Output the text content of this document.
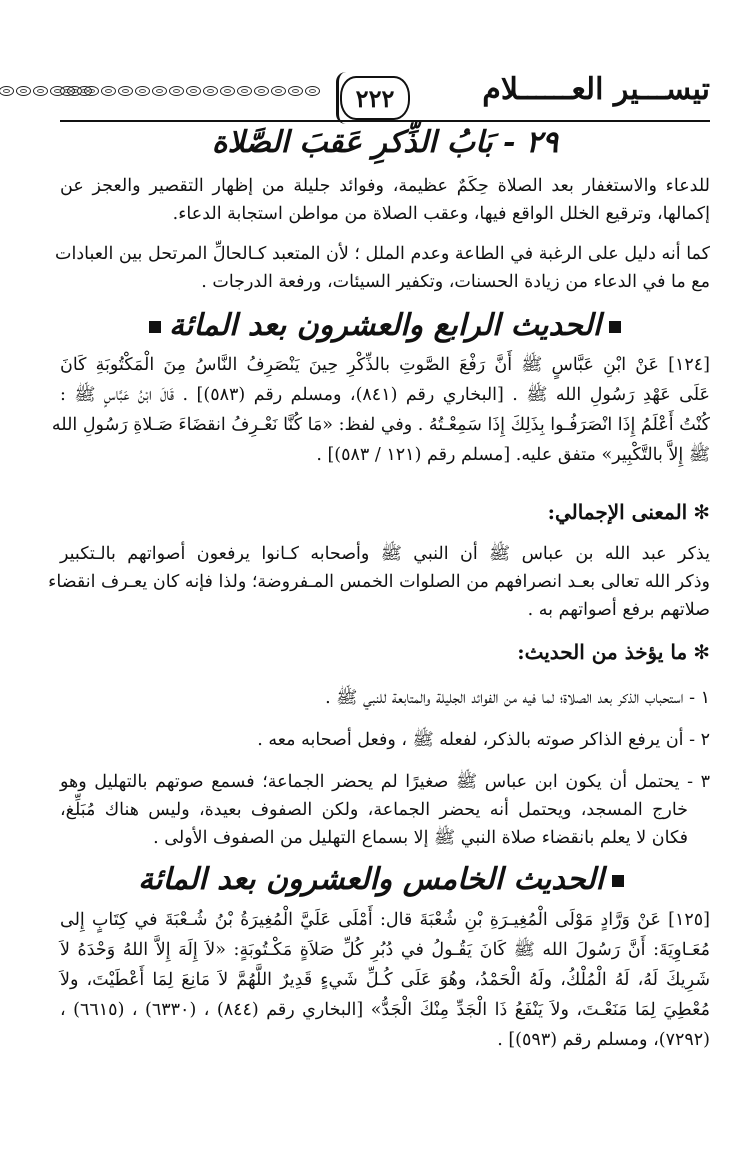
تيســـير العــــــلام
٢٢٢
٢٩ - بَابُ الذِّكرِ عَقبَ الصَّلاة
للدعاء والاستغفار بعد الصلاة حِكَمٌ عظيمة، وفوائد جليلة من إظهار التقصير والعجز عن
إكمالها، وترقيع الخلل الواقع فيها، وعقب الصلاة من مواطن استجابة الدعاء.
كما أنه دليل على الرغبة في الطاعة وعدم الملل ؛ لأن المتعبد كـالحالِّ المرتحل بين العبادات
مع ما في الدعاء من زيادة الحسنات، وتكفير السيئات، ورفعة الدرجات .
الحديث الرابع والعشرون بعد المائة
[١٢٤] عَنْ ابْنِ عَبَّاسٍ ﷺ أَنَّ رَفْعَ الصَّوتِ بالذِّكْرِ حِينَ يَنْصَرِفُ النَّاسُ مِنَ الْمَكْتُوبَةِ كَانَ
عَلَى عَهْدِ رَسُولِ الله ﷺ . [البخاري رقم (٨٤١)، ومسلم رقم (٥٨٣)] . قَالَ ابْنُ عَبَّاسٍ ﷺ :
كُنْتُ أَعْلَمُ إِذَا انْصَرَفُـوا بِذَلِكَ إِذَا سَمِعْـتُهُ . وفي لفظ: «مَا كُنَّا نَعْـرِفُ انقضَاءَ صَـلاةِ رَسُولِ الله
ﷺ إِلاَّ بالتَّكْبِير» متفق عليه. [مسلم رقم (١٢١ / ٥٨٣)] .
✻المعنى الإجمالي:
يذكر عبد الله بن عباس ﷺ أن النبي ﷺ وأصحابه كـانوا يرفعون أصواتهم بالـتكبير
وذكر الله تعالى بعـد انصرافهم من الصلوات الخمس المـفروضة؛ ولذا فإنه كان يعـرف انقضاء
صلاتهم برفع أصواتهم به .
✻ما يؤخذ من الحديث:
١ - استحباب الذكر بعد الصلاة؛ لما فيه من الفوائد الجليلة والمتابعة للنبي ﷺ .
٢ - أن يرفع الذاكر صوته بالذكر، لفعله ﷺ ، وفعل أصحابه معه .
٣ - يحتمل أن يكون ابن عباس ﷺ صغيرًا لم يحضر الجماعة؛ فسمع صوتهم بالتهليل وهو
خارج المسجد، ويحتمل أنه يحضر الجماعة، ولكن الصفوف بعيدة، وليس هناك مُبَلِّغ،
فكان لا يعلم بانقضاء صلاة النبي ﷺ إلا بسماع التهليل من الصفوف الأولى .
الحديث الخامس والعشرون بعد المائة
[١٢٥] عَنْ وَرَّادٍ مَوْلَى الْمُغِيـرَةِ بْنِ شُعْبَةَ قال: أَمْلَى عَلَيَّ الْمُغِيرَةُ بْنُ شُـعْبَةَ في كِتَابٍ إِلى
مُعَـاوِيَةَ: أَنَّ رَسُولَ الله ﷺ كَانَ يَقُـولُ في دُبُرِ كُلِّ صَلاَةٍ مَكْـتُوبَةٍ: «لاَ إِلَهَ إِلاَّ اللهُ وَحْدَهُ لاَ
شَرِيكَ لَهُ، لَهُ الْمُلْكُ، ولَهُ الْحَمْدُ، وهُوَ عَلَى كُـلِّ شَيءٍ قَدِيرٌ اللَّهُمَّ لاَ مَانِعَ لِمَا أَعْطَيْتَ، ولاَ
مُعْطِيَ لِمَا مَنَعْـتَ، ولاَ يَنْفَعُ ذَا الْجَدِّ مِنْكَ الْجَدُّ» [البخاري رقم (٨٤٤) ، (٦٣٣٠) ، (٦٦١٥) ،
(٧٢٩٢)، ومسلم رقم (٥٩٣)] .
